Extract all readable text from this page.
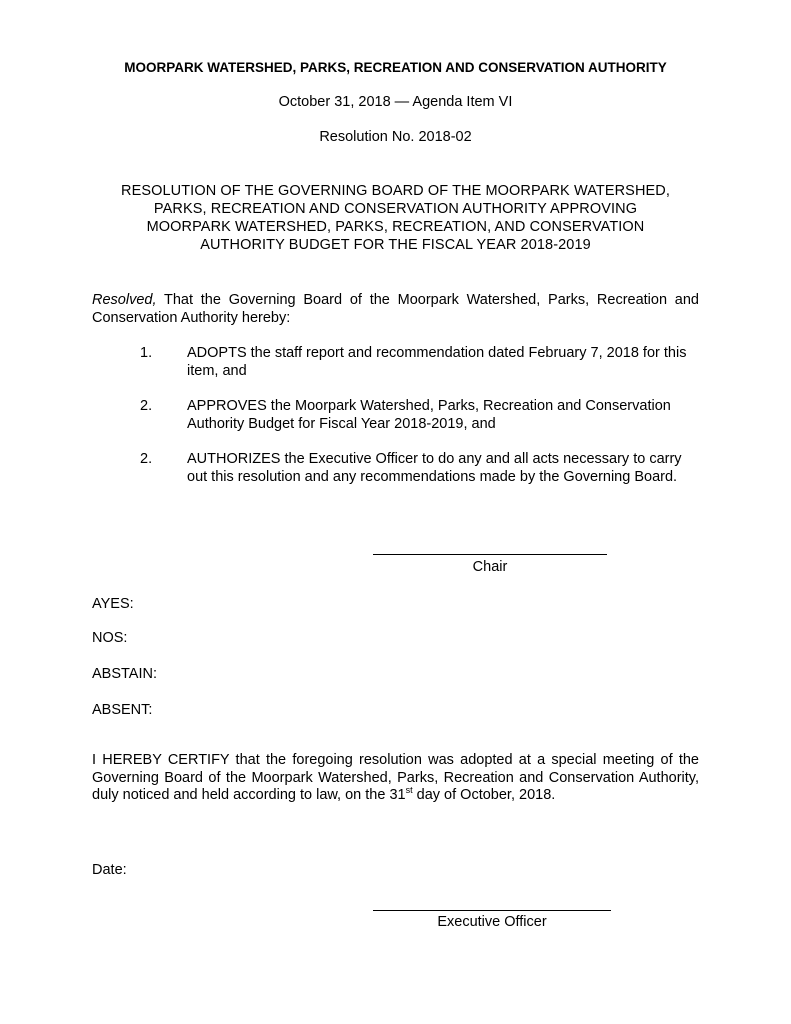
MOORPARK WATERSHED, PARKS, RECREATION AND CONSERVATION AUTHORITY
October 31, 2018 — Agenda Item VI
Resolution No. 2018-02
RESOLUTION OF THE GOVERNING BOARD OF THE MOORPARK WATERSHED,
PARKS, RECREATION AND CONSERVATION AUTHORITY APPROVING
MOORPARK WATERSHED, PARKS, RECREATION, AND CONSERVATION
AUTHORITY BUDGET FOR THE FISCAL YEAR 2018-2019
Resolved, That the Governing Board of the Moorpark Watershed, Parks, Recreation and Conservation Authority hereby:
1. ADOPTS the staff report and recommendation dated February 7, 2018 for this item, and
2. APPROVES the Moorpark Watershed, Parks, Recreation and Conservation Authority Budget for Fiscal Year 2018-2019, and
2. AUTHORIZES the Executive Officer to do any and all acts necessary to carry out this resolution and any recommendations made by the Governing Board.
Chair
AYES:
NOS:
ABSTAIN:
ABSENT:
I HEREBY CERTIFY that the foregoing resolution was adopted at a special meeting of the Governing Board of the Moorpark Watershed, Parks, Recreation and Conservation Authority, duly noticed and held according to law, on the 31st day of October, 2018.
Date:
Executive Officer
